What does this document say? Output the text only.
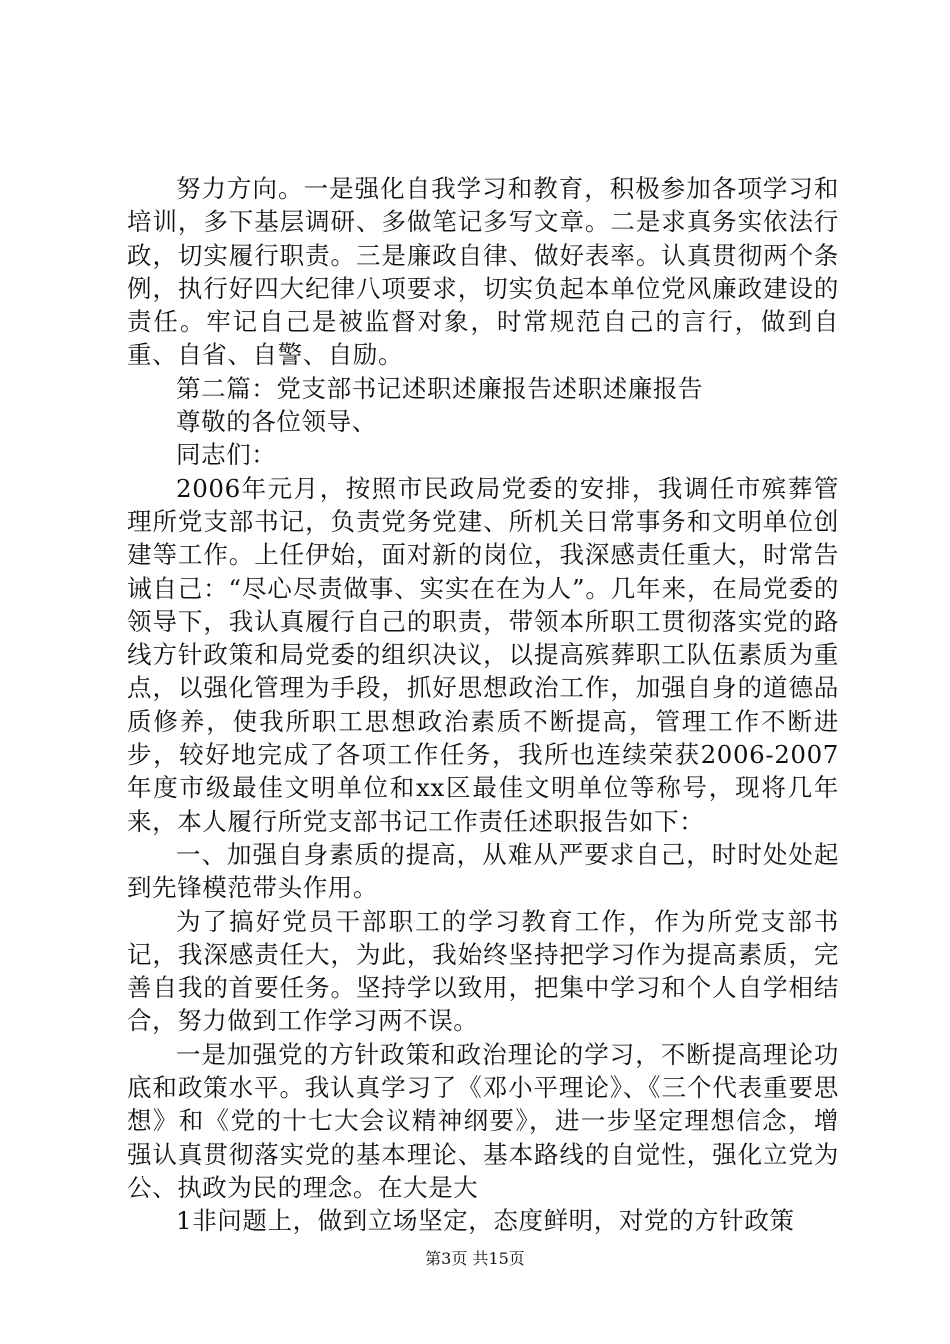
努力方向。一是强化自我学习和教育，积极参加各项学习和培训，多下基层调研、多做笔记多写文章。二是求真务实依法行政，切实履行职责。三是廉政自律、做好表率。认真贯彻两个条例，执行好四大纪律八项要求，切实负起本单位党风廉政建设的责任。牢记自己是被监督对象，时常规范自己的言行，做到自重、自省、自警、自励。

第二篇：党支部书记述职述廉报告述职述廉报告

尊敬的各位领导、

同志们：

2006年元月，按照市民政局党委的安排，我调任市殡葬管理所党支部书记，负责党务党建、所机关日常事务和文明单位创建等工作。上任伊始，面对新的岗位，我深感责任重大，时常告诫自己：“尽心尽责做事、实实在在为人”。几年来，在局党委的领导下，我认真履行自己的职责，带领本所职工贯彻落实党的路线方针政策和局党委的组织决议，以提高殡葬职工队伍素质为重点，以强化管理为手段，抓好思想政治工作，加强自身的道德品质修养，使我所职工思想政治素质不断提高，管理工作不断进步，较好地完成了各项工作任务，我所也连续荣获2006-2007年度市级最佳文明单位和xx区最佳文明单位等称号，现将几年来，本人履行所党支部书记工作责任述职报告如下：

一、加强自身素质的提高，从难从严要求自己，时时处处起到先锋模范带头作用。

为了搞好党员干部职工的学习教育工作，作为所党支部书记，我深感责任大，为此，我始终坚持把学习作为提高素质，完善自我的首要任务。坚持学以致用，把集中学习和个人自学相结合，努力做到工作学习两不误。

一是加强党的方针政策和政治理论的学习，不断提高理论功底和政策水平。我认真学习了《邓小平理论》、《三个代表重要思想》和《党的十七大会议精神纲要》，进一步坚定理想信念，增强认真贯彻落实党的基本理论、基本路线的自觉性，强化立党为公、执政为民的理念。在大是大

1非问题上，做到立场坚定，态度鲜明，对党的方针政策

第3页 共15页
